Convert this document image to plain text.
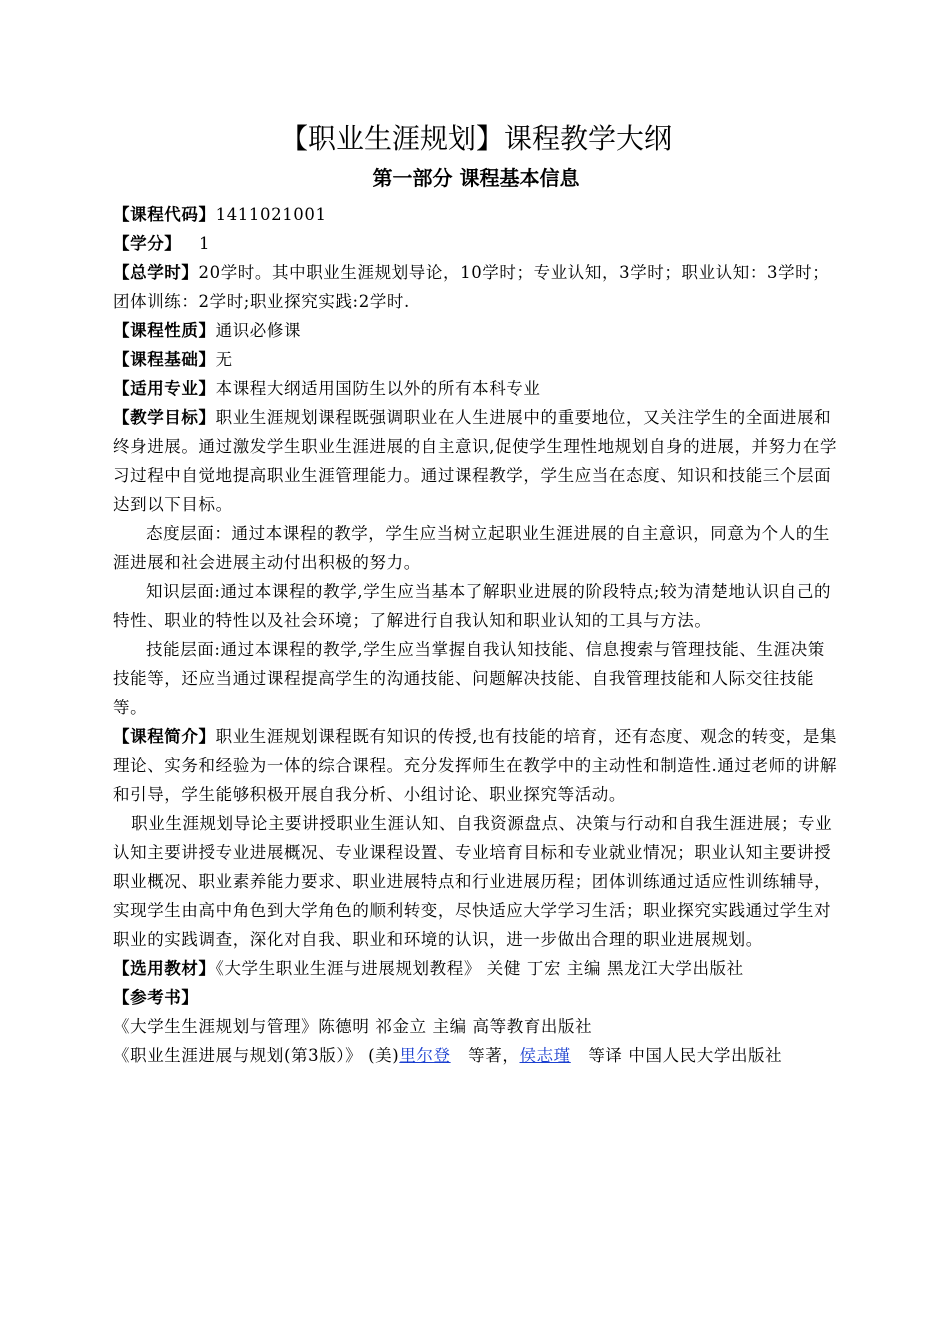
【职业生涯规划】课程教学大纲
第一部分 课程基本信息

【课程代码】1411021001

【学分】 1

【总学时】20学时。其中职业生涯规划导论，10学时；专业认知，3学时；职业认知：3学时；团体训练：2学时;职业探究实践:2学时.

【课程性质】通识必修课

【课程基础】无

【适用专业】本课程大纲适用国防生以外的所有本科专业

【教学目标】职业生涯规划课程既强调职业在人生进展中的重要地位，又关注学生的全面进展和终身进展。通过激发学生职业生涯进展的自主意识,促使学生理性地规划自身的进展，并努力在学习过程中自觉地提高职业生涯管理能力。通过课程教学，学生应当在态度、知识和技能三个层面达到以下目标。

态度层面：通过本课程的教学，学生应当树立起职业生涯进展的自主意识，同意为个人的生涯进展和社会进展主动付出积极的努力。

知识层面:通过本课程的教学,学生应当基本了解职业进展的阶段特点;较为清楚地认识自己的特性、职业的特性以及社会环境；了解进行自我认知和职业认知的工具与方法。

技能层面:通过本课程的教学,学生应当掌握自我认知技能、信息搜索与管理技能、生涯决策技能等，还应当通过课程提高学生的沟通技能、问题解决技能、自我管理技能和人际交往技能等。

【课程简介】职业生涯规划课程既有知识的传授,也有技能的培育，还有态度、观念的转变，是集理论、实务和经验为一体的综合课程。充分发挥师生在教学中的主动性和制造性.通过老师的讲解和引导，学生能够积极开展自我分析、小组讨论、职业探究等活动。

职业生涯规划导论主要讲授职业生涯认知、自我资源盘点、决策与行动和自我生涯进展；专业认知主要讲授专业进展概况、专业课程设置、专业培育目标和专业就业情况；职业认知主要讲授职业概况、职业素养能力要求、职业进展特点和行业进展历程；团体训练通过适应性训练辅导，实现学生由高中角色到大学角色的顺利转变，尽快适应大学学习生活；职业探究实践通过学生对职业的实践调查，深化对自我、职业和环境的认识，进一步做出合理的职业进展规划。

【选用教材】《大学生职业生涯与进展规划教程》 关健 丁宏 主编 黑龙江大学出版社

【参考书】

《大学生生涯规划与管理》陈德明 祁金立 主编 高等教育出版社

《职业生涯进展与规划(第3版）》 (美)里尔登   等著，侯志瑾   等译 中国人民大学出版社
